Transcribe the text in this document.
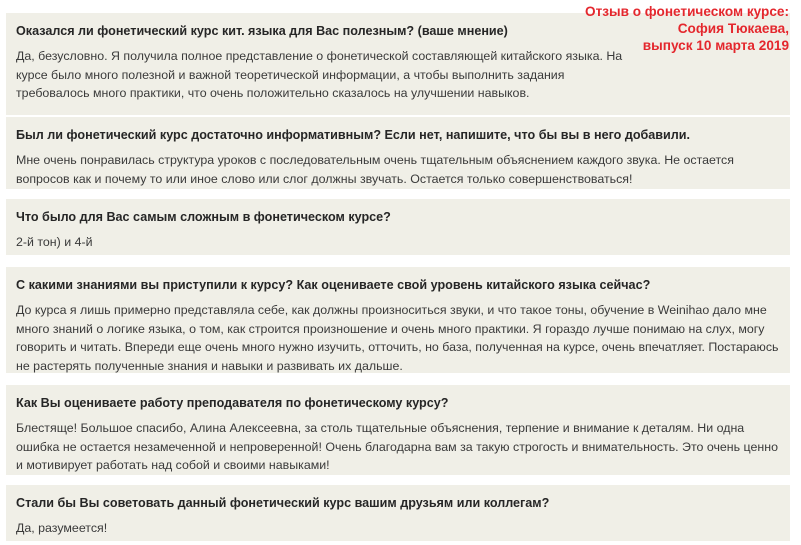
Отзыв о фонетическом курсе:
София Тюкаева,
выпуск 10 марта 2019
Оказался ли фонетический курс кит. языка для Вас полезным? (ваше мнение)
Да, безусловно. Я получила полное представление о фонетической составляющей китайского языка. На курсе было много полезной и важной теоретической информации, а чтобы выполнить задания требовалось много практики, что очень положительно сказалось на улучшении навыков.
Был ли фонетический курс достаточно информативным? Если нет, напишите, что бы вы в него добавили.
Мне очень понравилась структура уроков с последовательным очень тщательным объяснением каждого звука. Не остается вопросов как и почему то или иное слово или слог должны звучать. Остается только совершенствоваться!
Что было для Вас самым сложным в фонетическом курсе?
2-й тон) и 4-й
С какими знаниями вы приступили к курсу? Как оцениваете свой уровень китайского языка сейчас?
До курса я лишь примерно представляла себе, как должны произноситься звуки, и что такое тоны, обучение в Weinihao дало мне много знаний о логике языка, о том, как строится произношение и очень много практики. Я гораздо лучше понимаю на слух, могу говорить и читать. Впереди еще очень много нужно изучить, отточить, но база, полученная на курсе, очень впечатляет. Постараюсь не растерять полученные знания и навыки и развивать их дальше.
Как Вы оцениваете работу преподавателя по фонетическому курсу?
Блестяще! Большое спасибо, Алина Алексеевна, за столь тщательные объяснения, терпение и внимание к деталям. Ни одна ошибка не остается незамеченной и непроверенной! Очень благодарна вам за такую строгость и внимательность. Это очень ценно и мотивирует работать над собой и своими навыками!
Стали бы Вы советовать данный фонетический курс вашим друзьям или коллегам?
Да, разумеется!
